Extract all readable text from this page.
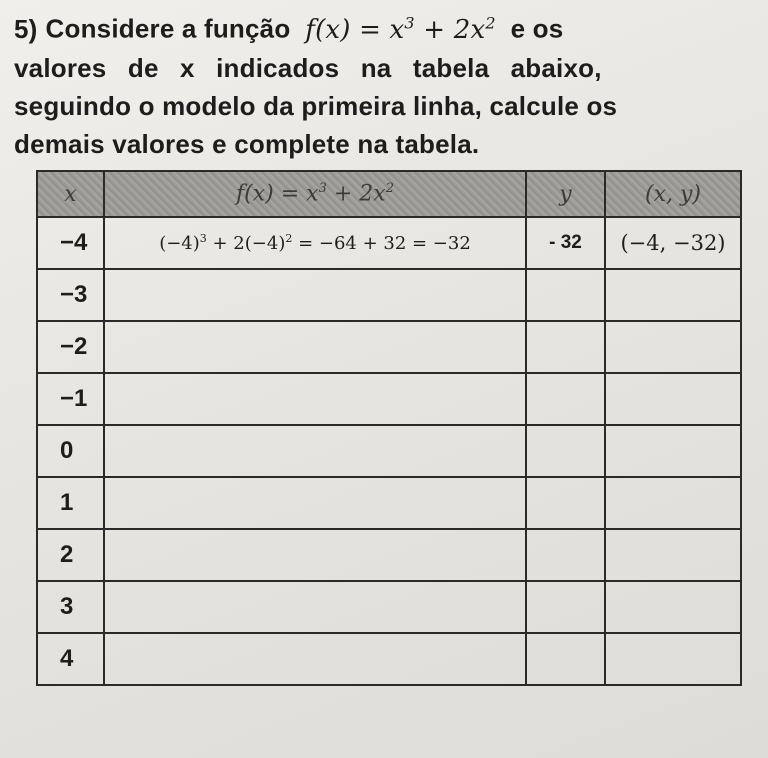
5) Considere a função $f(x) = x^3 + 2x^2$ e os
valores de x indicados na tabela abaixo,
seguindo o modelo da primeira linha, calcule os
demais valores e complete na tabela.
x	$f(x) = x^3 + 2x^2$	y	(x, y)
−4	$(-4)^3 + 2(-4)^2 = -64 + 32 = -32$	- 32	(−4, −32)
−3			
−2			
−1			
0			
1			
2			
3			
4			
